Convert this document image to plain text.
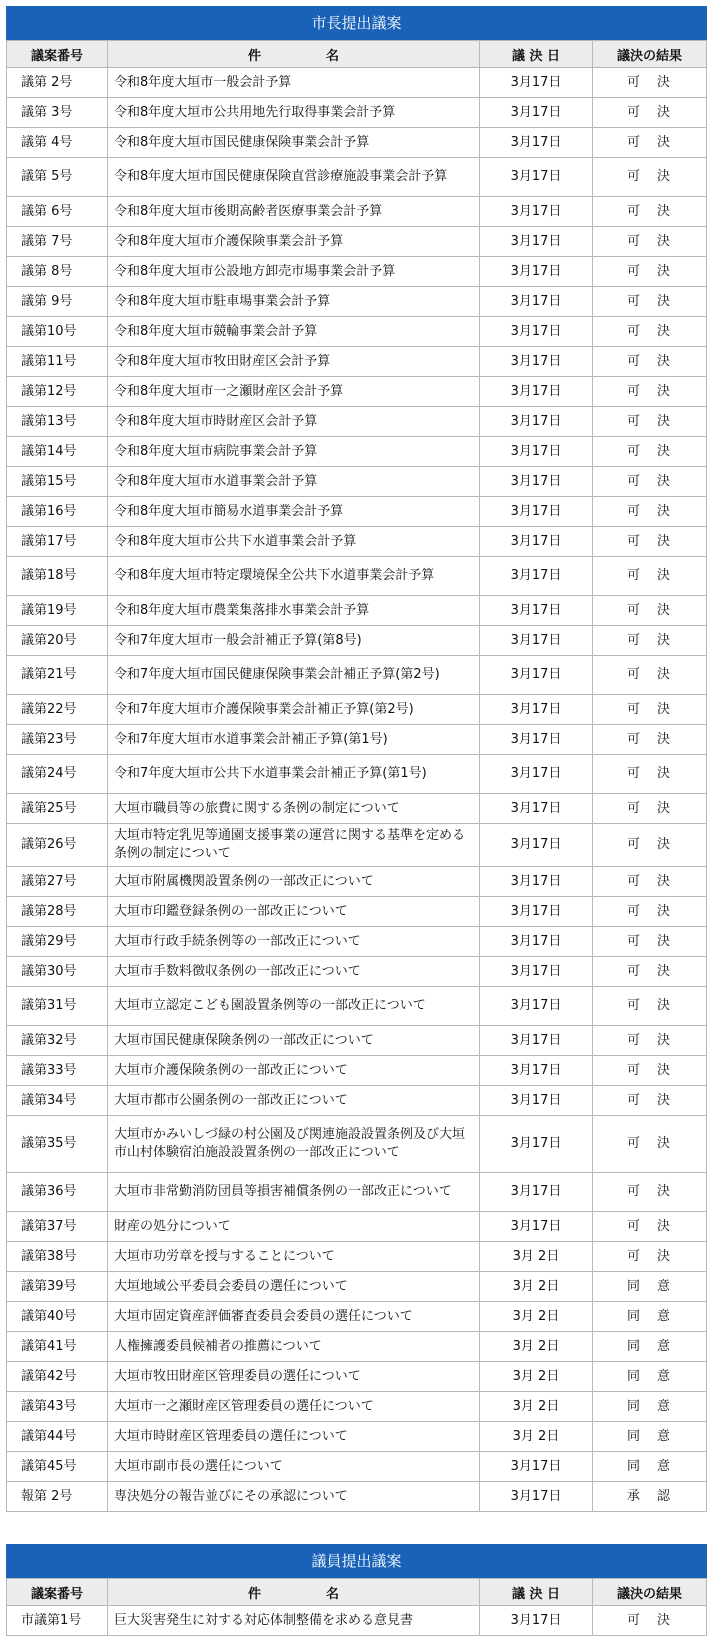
市長提出議案
議案番号	件　　　　　名	議 決 日	議決の結果
議第 2号	令和8年度大垣市一般会計予算	3月17日	可　決
議第 3号	令和8年度大垣市公共用地先行取得事業会計予算	3月17日	可　決
議第 4号	令和8年度大垣市国民健康保険事業会計予算	3月17日	可　決
議第 5号	令和8年度大垣市国民健康保険直営診療施設事業会計予算	3月17日	可　決
議第 6号	令和8年度大垣市後期高齢者医療事業会計予算	3月17日	可　決
議第 7号	令和8年度大垣市介護保険事業会計予算	3月17日	可　決
議第 8号	令和8年度大垣市公設地方卸売市場事業会計予算	3月17日	可　決
議第 9号	令和8年度大垣市駐車場事業会計予算	3月17日	可　決
議第10号	令和8年度大垣市競輪事業会計予算	3月17日	可　決
議第11号	令和8年度大垣市牧田財産区会計予算	3月17日	可　決
議第12号	令和8年度大垣市一之瀬財産区会計予算	3月17日	可　決
議第13号	令和8年度大垣市時財産区会計予算	3月17日	可　決
議第14号	令和8年度大垣市病院事業会計予算	3月17日	可　決
議第15号	令和8年度大垣市水道事業会計予算	3月17日	可　決
議第16号	令和8年度大垣市簡易水道事業会計予算	3月17日	可　決
議第17号	令和8年度大垣市公共下水道事業会計予算	3月17日	可　決
議第18号	令和8年度大垣市特定環境保全公共下水道事業会計予算	3月17日	可　決
議第19号	令和8年度大垣市農業集落排水事業会計予算	3月17日	可　決
議第20号	令和7年度大垣市一般会計補正予算(第8号)	3月17日	可　決
議第21号	令和7年度大垣市国民健康保険事業会計補正予算(第2号)	3月17日	可　決
議第22号	令和7年度大垣市介護保険事業会計補正予算(第2号)	3月17日	可　決
議第23号	令和7年度大垣市水道事業会計補正予算(第1号)	3月17日	可　決
議第24号	令和7年度大垣市公共下水道事業会計補正予算(第1号)	3月17日	可　決
議第25号	大垣市職員等の旅費に関する条例の制定について	3月17日	可　決
議第26号	大垣市特定乳児等通園支援事業の運営に関する基準を定める条例の制定について	3月17日	可　決
議第27号	大垣市附属機関設置条例の一部改正について	3月17日	可　決
議第28号	大垣市印鑑登録条例の一部改正について	3月17日	可　決
議第29号	大垣市行政手続条例等の一部改正について	3月17日	可　決
議第30号	大垣市手数料徴収条例の一部改正について	3月17日	可　決
議第31号	大垣市立認定こども園設置条例等の一部改正について	3月17日	可　決
議第32号	大垣市国民健康保険条例の一部改正について	3月17日	可　決
議第33号	大垣市介護保険条例の一部改正について	3月17日	可　決
議第34号	大垣市都市公園条例の一部改正について	3月17日	可　決
議第35号	大垣市かみいしづ緑の村公園及び関連施設設置条例及び大垣市山村体験宿泊施設設置条例の一部改正について	3月17日	可　決
議第36号	大垣市非常勤消防団員等損害補償条例の一部改正について	3月17日	可　決
議第37号	財産の処分について	3月17日	可　決
議第38号	大垣市功労章を授与することについて	3月 2日	可　決
議第39号	大垣地域公平委員会委員の選任について	3月 2日	同　意
議第40号	大垣市固定資産評価審査委員会委員の選任について	3月 2日	同　意
議第41号	人権擁護委員候補者の推薦について	3月 2日	同　意
議第42号	大垣市牧田財産区管理委員の選任について	3月 2日	同　意
議第43号	大垣市一之瀬財産区管理委員の選任について	3月 2日	同　意
議第44号	大垣市時財産区管理委員の選任について	3月 2日	同　意
議第45号	大垣市副市長の選任について	3月17日	同　意
報第 2号	専決処分の報告並びにその承認について	3月17日	承　認
議員提出議案
議案番号	件　　　　　名	議 決 日	議決の結果
市議第1号	巨大災害発生に対する対応体制整備を求める意見書	3月17日	可　決
